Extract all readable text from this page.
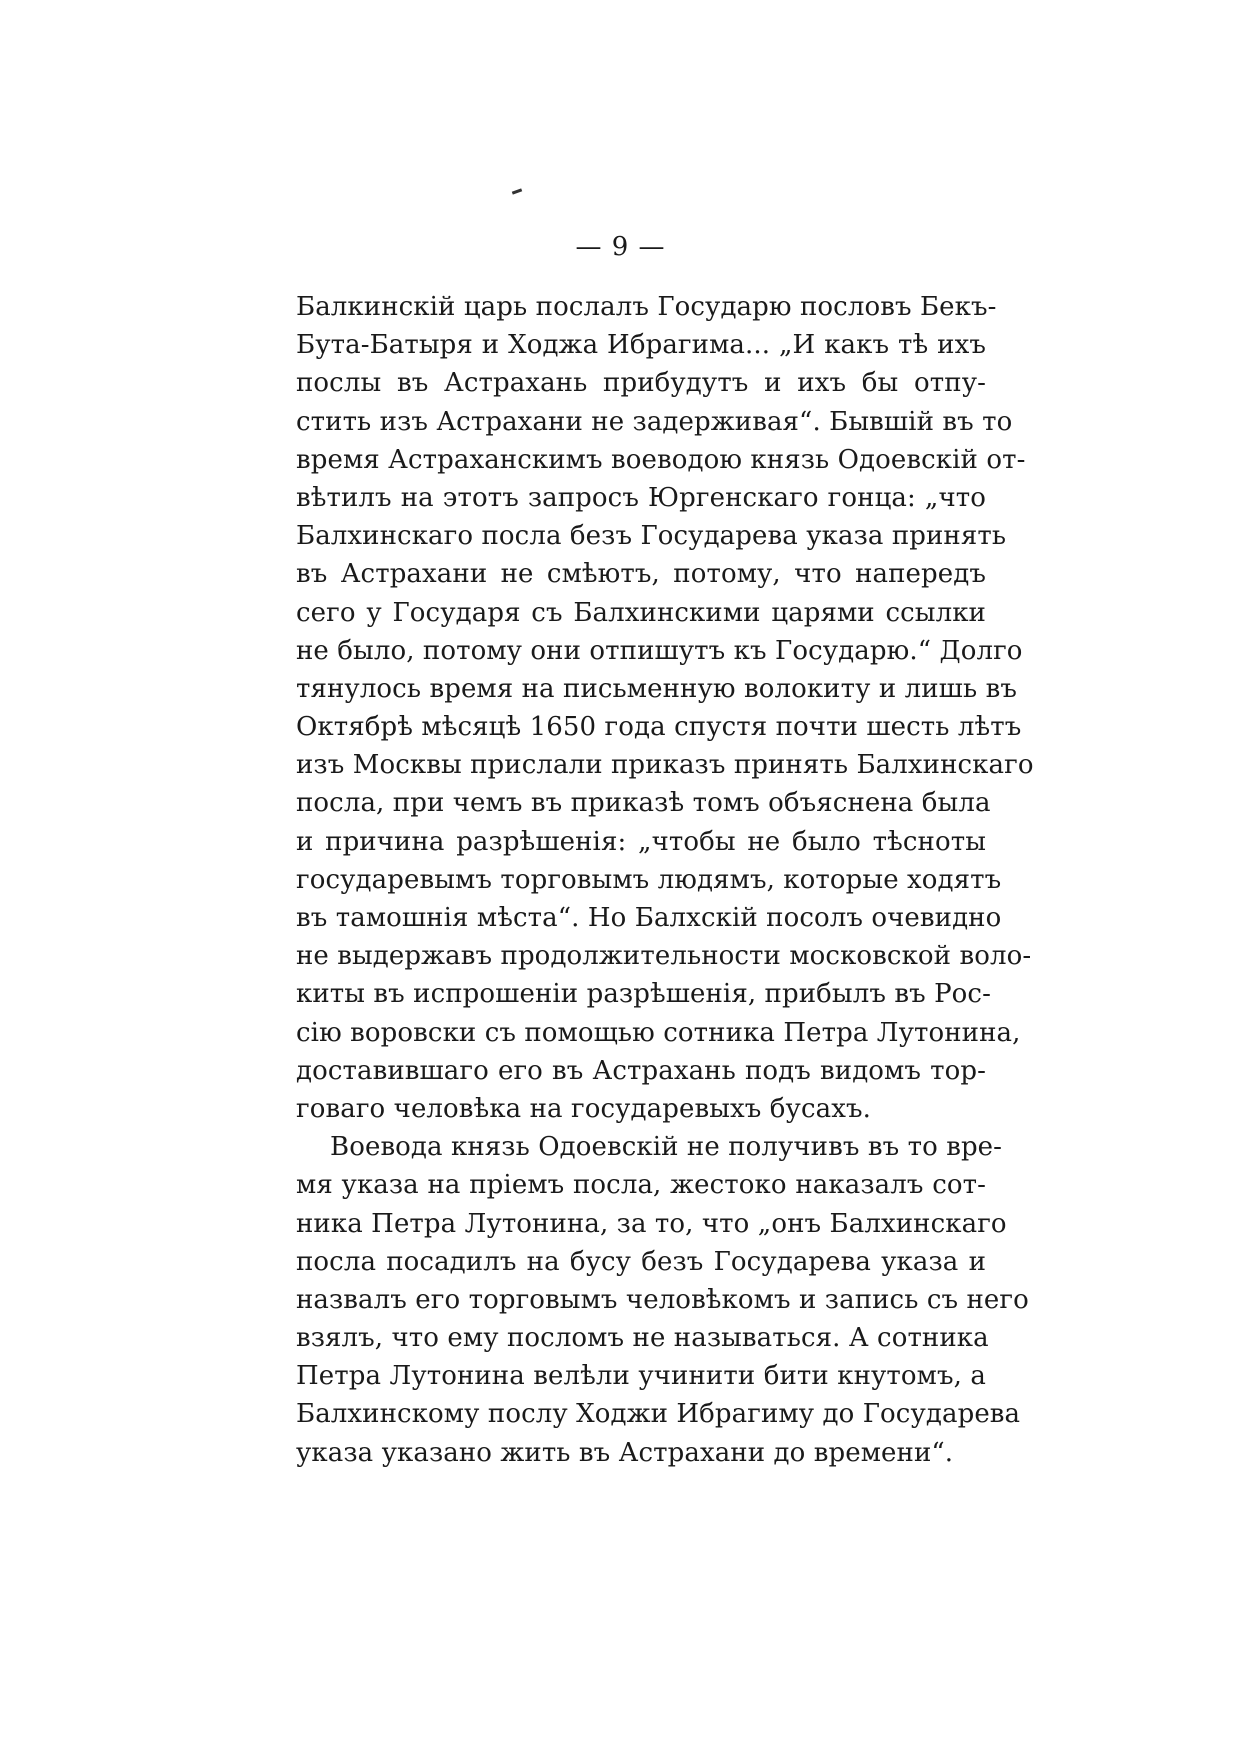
— 9 —
Балкинскій царь послалъ Государю пословъ Бекъ-
Бута-Батыря и Ходжа Ибрагима... „И какъ тѣ ихъ
послы въ Астрахань прибудутъ и ихъ бы отпу-
стить изъ Астрахани не задерживая“. Бывшій въ то
время Астраханскимъ воеводою князь Одоевскій от-
вѣтилъ на этотъ запросъ Юргенскаго гонца: „что
Балхинскаго посла безъ Государева указа принять
въ Астрахани не смѣютъ, потому, что напередъ
сего у Государя съ Балхинскими царями ссылки
не было, потому они отпишутъ къ Государю.“ Долго
тянулось время на письменную волокиту и лишь въ
Октябрѣ мѣсяцѣ 1650 года спустя почти шесть лѣтъ
изъ Москвы прислали приказъ принять Балхинскаго
посла, при чемъ въ приказѣ томъ объяснена была
и причина разрѣшенія: „чтобы не было тѣсноты
государевымъ торговымъ людямъ, которые ходятъ
въ тамошнія мѣста“. Но Балхскій посолъ очевидно
не выдержавъ продолжительности московской воло-
киты въ испрошеніи разрѣшенія, прибылъ въ Рос-
сію воровски съ помощью сотника Петра Лутонина,
доставившаго его въ Астрахань подъ видомъ тор-
говаго человѣка на государевыхъ бусахъ.
Воевода князь Одоевскій не получивъ въ то вре-
мя указа на пріемъ посла, жестоко наказалъ сот-
ника Петра Лутонина, за то, что „онъ Балхинскаго
посла посадилъ на бусу безъ Государева указа и
назвалъ его торговымъ человѣкомъ и запись съ него
взялъ, что ему посломъ не называться. А сотника
Петра Лутонина велѣли учинити бити кнутомъ, а
Балхинскому послу Ходжи Ибрагиму до Государева
указа указано жить въ Астрахани до времени“.
